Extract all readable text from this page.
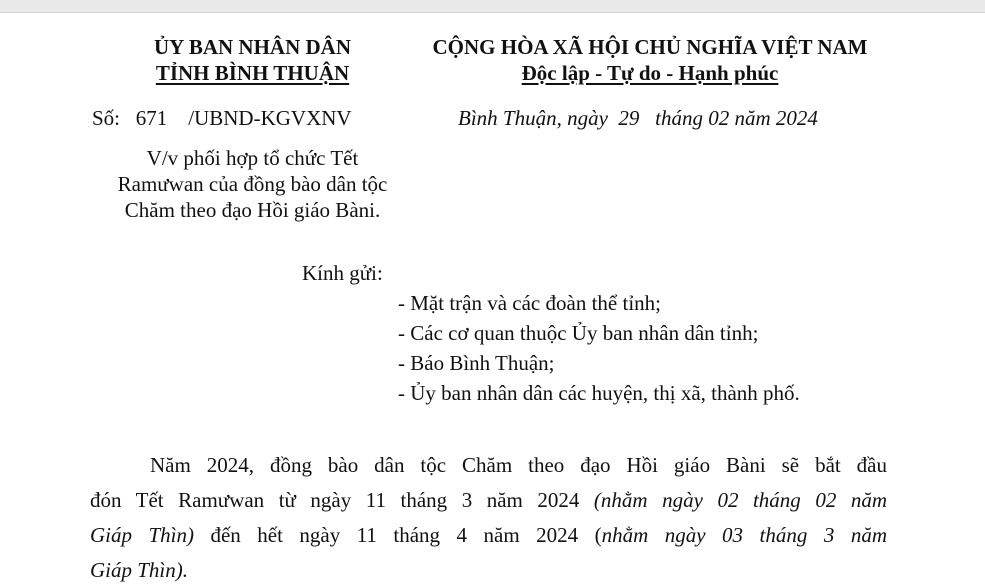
ỦY BAN NHÂN DÂN
TỈNH BÌNH THUẬN
Số:   671    /UBND-KGVXNV
V/v phối hợp tổ chức Tết
Ramưwan của đồng bào dân tộc
Chăm theo đạo Hồi giáo Bàni.
CỘNG HÒA XÃ HỘI CHỦ NGHĨA VIỆT NAM
Độc lập - Tự do - Hạnh phúc
Bình Thuận, ngày  29   tháng 02 năm 2024
Kính gửi:
- Mặt trận và các đoàn thể tỉnh;
- Các cơ quan thuộc Ủy ban nhân dân tỉnh;
- Báo Bình Thuận;
- Ủy ban nhân dân các huyện, thị xã, thành phố.
Năm 2024, đồng bào dân tộc Chăm theo đạo Hồi giáo Bàni sẽ bắt đầu
đón Tết Ramưwan từ ngày 11 tháng 3 năm 2024 (nhằm ngày 02 tháng 02 năm
Giáp Thìn) đến hết ngày 11 tháng 4 năm 2024 (nhằm ngày 03 tháng 3 năm
Giáp Thìn).
